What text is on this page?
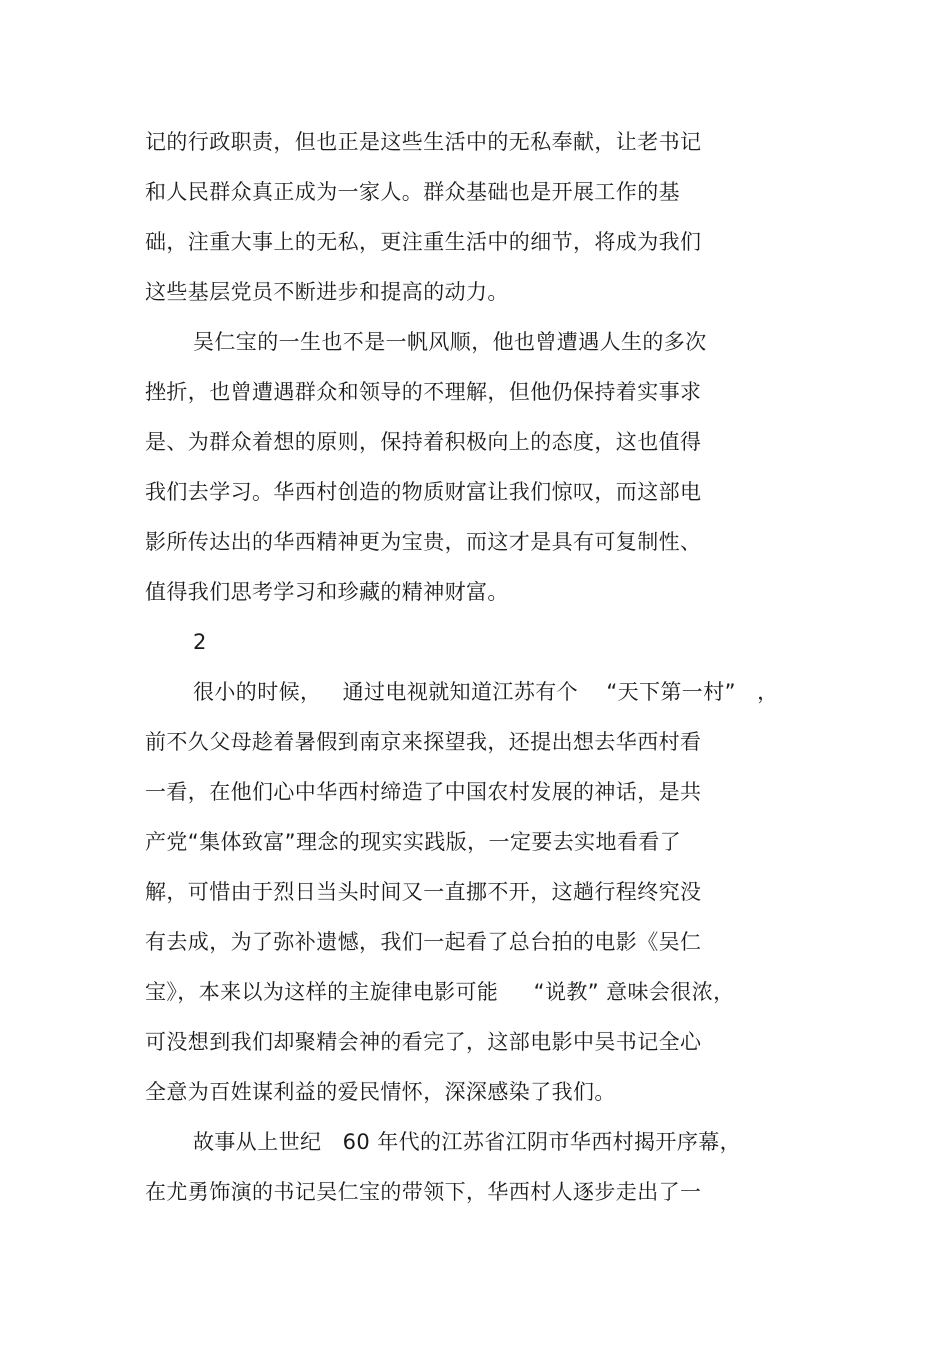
记的行政职责，但也正是这些生活中的无私奉献，让老书记
和人民群众真正成为一家人。群众基础也是开展工作的基
础，注重大事上的无私，更注重生活中的细节，将成为我们
这些基层党员不断进步和提高的动力。
吴仁宝的一生也不是一帆风顺，他也曾遭遇人生的多次
挫折，也曾遭遇群众和领导的不理解，但他仍保持着实事求
是、为群众着想的原则，保持着积极向上的态度，这也值得
我们去学习。华西村创造的物质财富让我们惊叹，而这部电
影所传达出的华西精神更为宝贵，而这才是具有可复制性、
值得我们思考学习和珍藏的精神财富。
2
很小的时候，   通过电视就知道江苏有个    “天下第一村”   ，
前不久父母趁着暑假到南京来探望我，还提出想去华西村看
一看，在他们心中华西村缔造了中国农村发展的神话，是共
产党“集体致富”理念的现实实践版，一定要去实地看看了
解，可惜由于烈日当头时间又一直挪不开，这趟行程终究没
有去成，为了弥补遗憾，我们一起看了总台拍的电影《吴仁
宝》，本来以为这样的主旋律电影可能     “说教” 意味会很浓，
可没想到我们却聚精会神的看完了，这部电影中吴书记全心
全意为百姓谋利益的爱民情怀，深深感染了我们。
故事从上世纪   60 年代的江苏省江阴市华西村揭开序幕，
在尤勇饰演的书记吴仁宝的带领下，华西村人逐步走出了一
